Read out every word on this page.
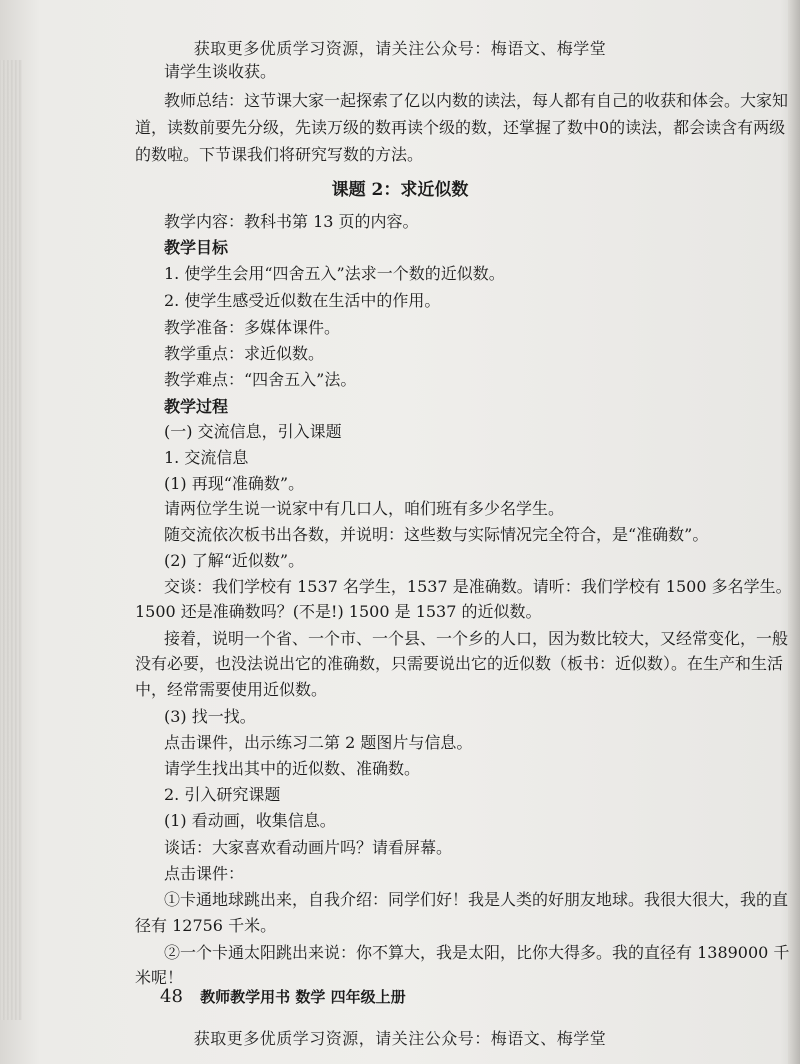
获取更多优质学习资源，请关注公众号：梅语文、梅学堂
请学生谈收获。
教师总结：这节课大家一起探索了亿以内数的读法，每人都有自己的收获和体会。大家知
道，读数前要先分级，先读万级的数再读个级的数，还掌握了数中0的读法，都会读含有两级
的数啦。下节课我们将研究写数的方法。
课题 2：求近似数
教学内容：教科书第 13 页的内容。
教学目标
1. 使学生会用“四舍五入”法求一个数的近似数。
2. 使学生感受近似数在生活中的作用。
教学准备：多媒体课件。
教学重点：求近似数。
教学难点：“四舍五入”法。
教学过程
(一) 交流信息，引入课题
1. 交流信息
(1) 再现“准确数”。
请两位学生说一说家中有几口人，咱们班有多少名学生。
随交流依次板书出各数，并说明：这些数与实际情况完全符合，是“准确数”。
(2) 了解“近似数”。
交谈：我们学校有 1537 名学生，1537 是准确数。请听：我们学校有 1500 多名学生。
1500 还是准确数吗？(不是!) 1500 是 1537 的近似数。
接着，说明一个省、一个市、一个县、一个乡的人口，因为数比较大，又经常变化，一般
没有必要，也没法说出它的准确数，只需要说出它的近似数（板书：近似数）。在生产和生活
中，经常需要使用近似数。
(3) 找一找。
点击课件，出示练习二第 2 题图片与信息。
请学生找出其中的近似数、准确数。
2. 引入研究课题
(1) 看动画，收集信息。
谈话：大家喜欢看动画片吗？请看屏幕。
点击课件：
①卡通地球跳出来，自我介绍：同学们好！我是人类的好朋友地球。我很大很大，我的直
径有 12756 千米。
②一个卡通太阳跳出来说：你不算大，我是太阳，比你大得多。我的直径有 1389000 千
米呢！
48 教师教学用书 数学 四年级上册
获取更多优质学习资源，请关注公众号：梅语文、梅学堂
